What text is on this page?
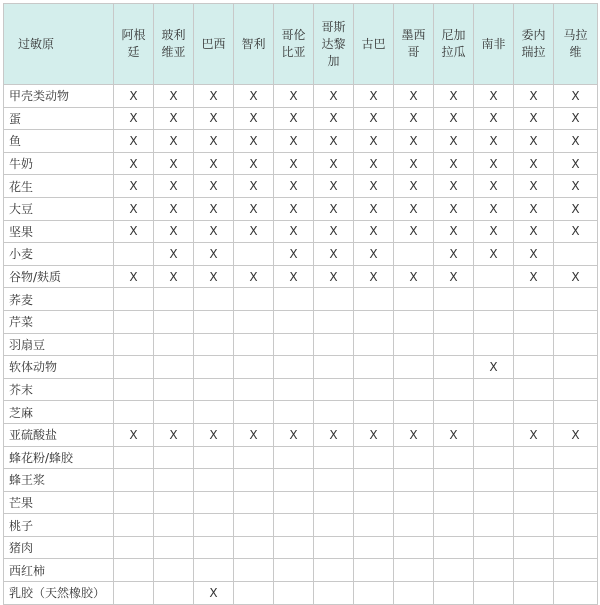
过敏原	阿根廷	玻利维亚	巴西	智利	哥伦比亚	哥斯达黎加	古巴	墨西哥	尼加拉瓜	南非	委内瑞拉	马拉维
甲壳类动物	X	X	X	X	X	X	X	X	X	X	X	X
蛋	X	X	X	X	X	X	X	X	X	X	X	X
鱼	X	X	X	X	X	X	X	X	X	X	X	X
牛奶	X	X	X	X	X	X	X	X	X	X	X	X
花生	X	X	X	X	X	X	X	X	X	X	X	X
大豆	X	X	X	X	X	X	X	X	X	X	X	X
坚果	X	X	X	X	X	X	X	X	X	X	X	X
小麦		X	X		X	X	X		X	X	X	
谷物/麸质	X	X	X	X	X	X	X	X	X		X	X
荞麦												
芹菜												
羽扇豆												
软体动物										X		
芥末												
芝麻												
亚硫酸盐	X	X	X	X	X	X	X	X	X		X	X
蜂花粉/蜂胶												
蜂王浆												
芒果												
桃子												
猪肉												
西红柿												
乳胶（天然橡胶）			X									
